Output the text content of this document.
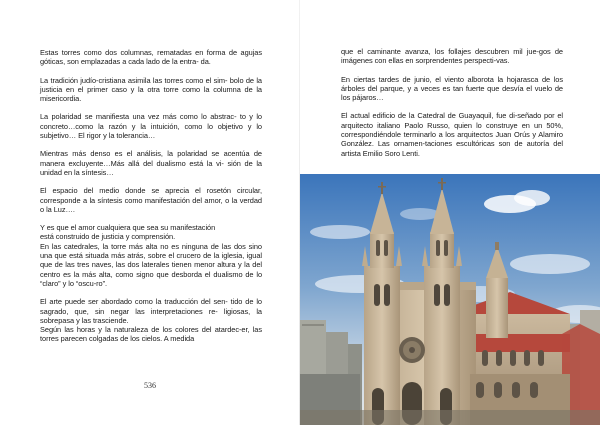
Estas torres como dos columnas, rematadas en forma de agujas góticas, son emplazadas a cada lado de la entra- da.

La tradición judío-cristiana asimila las torres como el sim- bolo de la justicia en el primer caso y la otra torre como la columna de la misericordia.

La polaridad se manifiesta una vez más como lo abstrac- to y lo concreto…como la razón y la intuición, como lo objetivo y lo subjetivo… El rigor y la tolerancia…

Mientras más denso es el análisis, la polaridad se acentúa de manera excluyente…Más allá del dualismo está la vi- sión de la unidad en la síntesis…

El espacio del medio donde se aprecia el rosetón circular, corresponde a la síntesis como manifestación del amor, o la verdad o la Luz….

Y es que el amor cualquiera que sea su manifestación
está construido de justicia y comprensión.
En las catedrales, la torre más alta no es ninguna de las dos sino una que está situada más atrás, sobre el crucero de la iglesia, igual que de las tres naves, las dos laterales tienen menor altura y la del centro es la más alta, como signo que desborda el dualismo de lo “claro” y lo “oscu-ro”.

El arte puede ser abordado como la traducción del sen- tido de lo sagrado, que, sin negar las interpretaciones re- ligiosas, la sobrepasa y las trasciende.
Según las horas y la naturaleza de los colores del atardec-er, las torres parecen colgadas de los cielos. A medida

536

que el caminante avanza, los follajes descubren mil jue-gos de imágenes con ellas en sorprendentes perspecti-vas.

En ciertas tardes de junio, el viento alborota la hojarasca de los árboles del parque, y a veces es tan fuerte que desvía el vuelo de los pájaros…

El actual edificio de la Catedral de Guayaquil, fue di-señado por el arquitecto italiano Paolo Russo, quien lo construye en un 50%, correspondiéndole terminarlo a los arquitectos Juan Orús y Alamiro González. Las ornamen-taciones escultóricas son de autoría del artista Emilio Soro Lenti.
